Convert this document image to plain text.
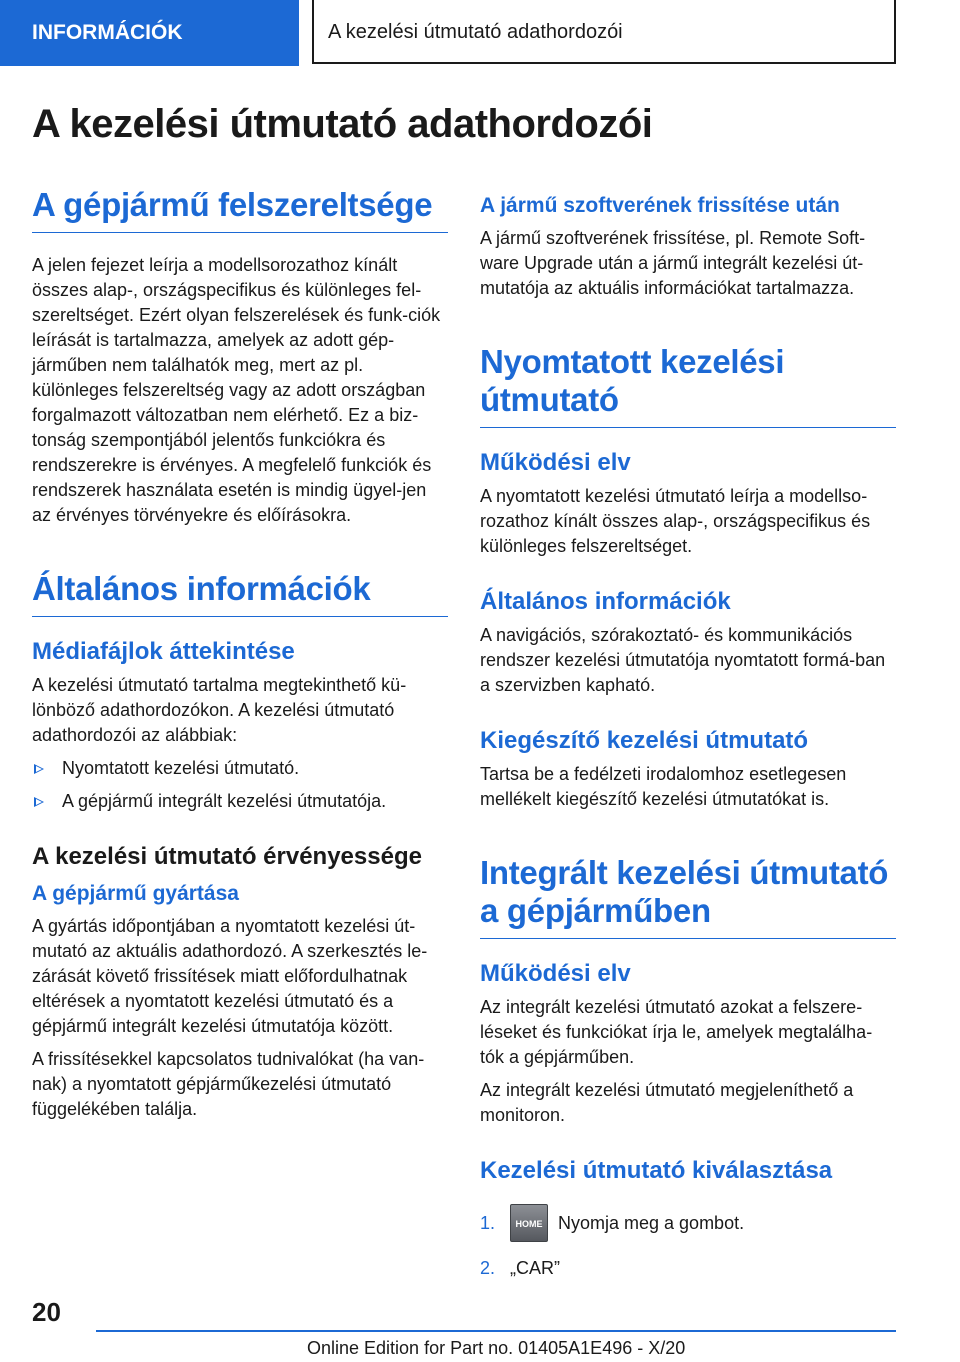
INFORMÁCIÓK	A kezelési útmutató adathordozói
A kezelési útmutató adathordozói
A gépjármű felszereltsége

A jelen fejezet leírja a modellsorozathoz kínált összes alap-, országspecifikus és különleges fel-szereltséget. Ezért olyan felszerelések és funk-ciók leírását is tartalmazza, amelyek az adott gép-járműben nem találhatók meg, mert az pl. különleges felszereltség vagy az adott országban forgalmazott változatban nem elérhető. Ez a biz-tonság szempontjából jelentős funkciókra és rendszerekre is érvényes. A megfelelő funkciók és rendszerek használata esetén is mindig ügyel-jen az érvényes törvényekre és előírásokra.

Általános információk
Médiafájlok áttekintése

A kezelési útmutató tartalma megtekinthető kü-lönböző adathordozókon. A kezelési útmutató adathordozói az alábbiak:

Nyomtatott kezelési útmutató.
A gépjármű integrált kezelési útmutatója.
A kezelési útmutató érvényessége
A gépjármű gyártása

A gyártás időpontjában a nyomtatott kezelési út-mutató az aktuális adathordozó. A szerkesztés le-zárását követő frissítések miatt előfordulhatnak eltérések a nyomtatott kezelési útmutató és a gépjármű integrált kezelési útmutatója között.

A frissítésekkel kapcsolatos tudnivalókat (ha van-nak) a nyomtatott gépjárműkezelési útmutató függelékében találja.

A jármű szoftverének frissítése után

A jármű szoftverének frissítése, pl. Remote Soft-ware Upgrade után a jármű integrált kezelési út-mutatója az aktuális információkat tartalmazza.

Nyomtatott kezelési útmutató
Működési elv

A nyomtatott kezelési útmutató leírja a modellso-rozathoz kínált összes alap-, országspecifikus és különleges felszereltséget.

Általános információk

A navigációs, szórakoztató- és kommunikációs rendszer kezelési útmutatója nyomtatott formá-ban a szervizben kapható.

Kiegészítő kezelési útmutató

Tartsa be a fedélzeti irodalomhoz esetlegesen mellékelt kiegészítő kezelési útmutatókat is.

Integrált kezelési útmutató a gépjárműben
Működési elv

Az integrált kezelési útmutató azokat a felszere-léseket és funkciókat írja le, amelyek megtalálha-tók a gépjárműben.

Az integrált kezelési útmutató megjeleníthető a monitoron.

Kezelési útmutató kiválasztása
1.	HOME Nyomja meg a gombot.
2. „CAR”
20
Online Edition for Part no. 01405A1E496 - X/20
